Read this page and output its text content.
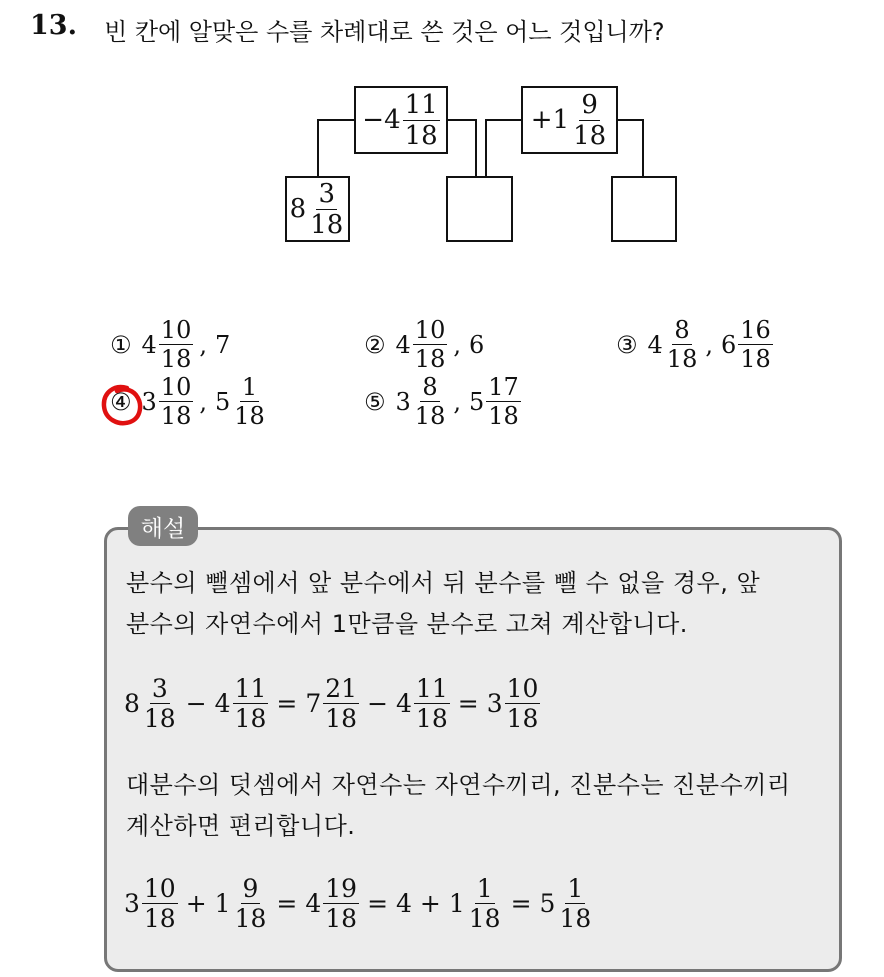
13. 빈 칸에 알맞은 수를 차례대로 쓴 것은 어느 것입니까?
− $4 \frac{11}{18}$	+ $1 \frac{9}{18}$
$8 \frac{3}{18}$
① $4 \frac{10}{18}$ , 7	② $4 \frac{10}{18}$ , 6	③ $4 \frac{8}{18}$ , $6 \frac{16}{18}$
④ $3 \frac{10}{18}$ , $5 \frac{1}{18}$	⑤ $3 \frac{8}{18}$ , $5 \frac{17}{18}$
해설
분수의 뺄셈에서 앞 분수에서 뒤 분수를 뺄 수 없을 경우, 앞
분수의 자연수에서 1만큼을 분수로 고쳐 계산합니다.
$8 \frac{3}{18} - 4 \frac{11}{18} = 7 \frac{21}{18} - 4 \frac{11}{18} = 3 \frac{10}{18}$
대분수의 덧셈에서 자연수는 자연수끼리, 진분수는 진분수끼리
계산하면 편리합니다.
$3 \frac{10}{18} + 1 \frac{9}{18} = 4 \frac{19}{18} = 4 + 1 \frac{1}{18} = 5 \frac{1}{18}$
